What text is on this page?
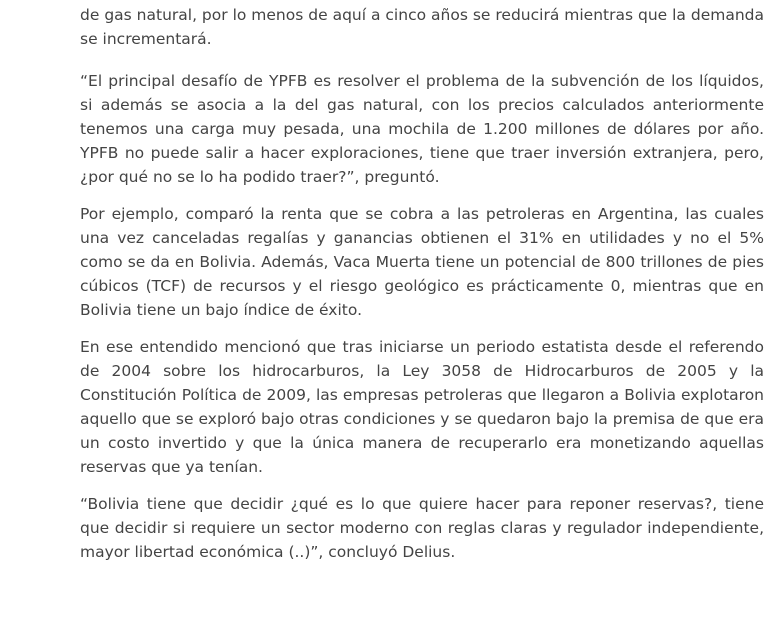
de gas natural, por lo menos de aquí a cinco años se reducirá mientras que la demanda se incrementará.

“El principal desafío de YPFB es resolver el problema de la subvención de los líquidos, si además se asocia a la del gas natural, con los precios calculados anteriormente tenemos una carga muy pesada, una mochila de 1.200 millones de dólares por año. YPFB no puede salir a hacer exploraciones, tiene que traer inversión extranjera, pero, ¿por qué no se lo ha podido traer?”, preguntó.

Por ejemplo, comparó la renta que se cobra a las petroleras en Argentina, las cuales una vez canceladas regalías y ganancias obtienen el 31% en utilidades y no el 5% como se da en Bolivia. Además, Vaca Muerta tiene un potencial de 800 trillones de pies cúbicos (TCF) de recursos y el riesgo geológico es prácticamente 0, mientras que en Bolivia tiene un bajo índice de éxito.

En ese entendido mencionó que tras iniciarse un periodo estatista desde el referendo de 2004 sobre los hidrocarburos, la Ley 3058 de Hidrocarburos de 2005 y la Constitución Política de 2009, las empresas petroleras que llegaron a Bolivia explotaron aquello que se exploró bajo otras condiciones y se quedaron bajo la premisa de que era un costo invertido y que la única manera de recuperarlo era monetizando aquellas reservas que ya tenían.

“Bolivia tiene que decidir ¿qué es lo que quiere hacer para reponer reservas?, tiene que decidir si requiere un sector moderno con reglas claras y regulador independiente, mayor libertad económica (..)”, concluyó Delius.
